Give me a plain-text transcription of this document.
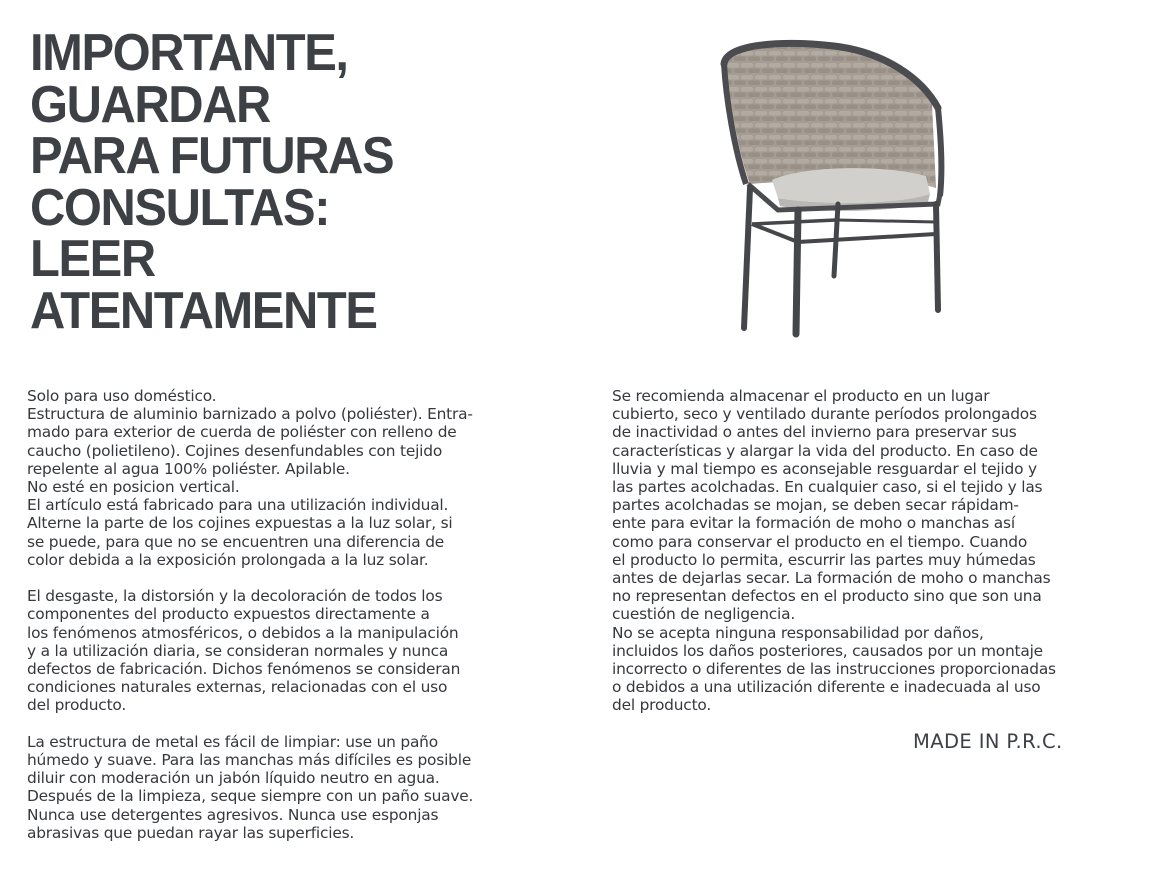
IMPORTANTE,
GUARDAR
PARA FUTURAS
CONSULTAS:
LEER
ATENTAMENTE
Solo para uso doméstico.
Estructura de aluminio barnizado a polvo (poliéster). Entra-
mado para exterior de cuerda de poliéster con relleno de
caucho (polietileno). Cojines desenfundables con tejido
repelente al agua 100% poliéster. Apilable.
No esté en posicion vertical.
El artículo está fabricado para una utilización individual.
Alterne la parte de los cojines expuestas a la luz solar, si
se puede, para que no se encuentren una diferencia de
color debida a la exposición prolongada a la luz solar.
El desgaste, la distorsión y la decoloración de todos los
componentes del producto expuestos directamente a
los fenómenos atmosféricos, o debidos a la manipulación
y a la utilización diaria, se consideran normales y nunca
defectos de fabricación. Dichos fenómenos se consideran
condiciones naturales externas, relacionadas con el uso
del producto.
La estructura de metal es fácil de limpiar: use un paño
húmedo y suave. Para las manchas más difíciles es posible
diluir con moderación un jabón líquido neutro en agua.
Después de la limpieza, seque siempre con un paño suave.
Nunca use detergentes agresivos. Nunca use esponjas
abrasivas que puedan rayar las superficies.
Se recomienda almacenar el producto en un lugar
cubierto, seco y ventilado durante períodos prolongados
de inactividad o antes del invierno para preservar sus
características y alargar la vida del producto. En caso de
lluvia y mal tiempo es aconsejable resguardar el tejido y
las partes acolchadas. En cualquier caso, si el tejido y las
partes acolchadas se mojan, se deben secar rápidam-
ente para evitar la formación de moho o manchas así
como para conservar el producto en el tiempo. Cuando
el producto lo permita, escurrir las partes muy húmedas
antes de dejarlas secar. La formación de moho o manchas
no representan defectos en el producto sino que son una
cuestión de negligencia.
No se acepta ninguna responsabilidad por daños,
incluidos los daños posteriores, causados por un montaje
incorrecto o diferentes de las instrucciones proporcionadas
o debidos a una utilización diferente e inadecuada al uso
del producto.
MADE IN P.R.C.
